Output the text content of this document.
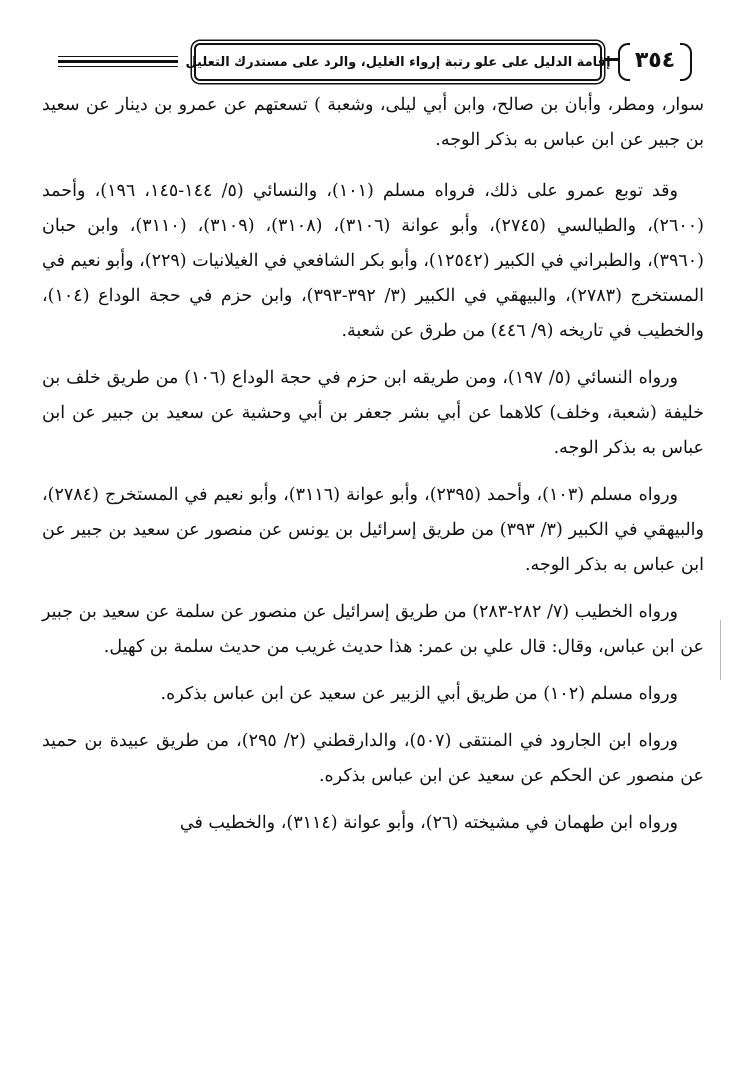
٣٥٤
إقامة الدليل على علو رتبة إرواء الغليل، والرد على مستدرك التعليل

سوار، ومطر، وأبان بن صالح، وابن أبي ليلى، وشعبة ) تسعتهم عن عمرو بن دينار عن سعيد بن جبير عن ابن عباس به بذكر الوجه.

وقد توبع عمرو على ذلك، فرواه مسلم (١٠١)، والنسائي (٥/ ١٤٤-١٤٥، ١٩٦)، وأحمد (٢٦٠٠)، والطيالسي (٢٧٤٥)، وأبو عوانة (٣١٠٦)، (٣١٠٨)، (٣١٠٩)، (٣١١٠)، وابن حبان (٣٩٦٠)، والطبراني في الكبير (١٢٥٤٢)، وأبو بكر الشافعي في الغيلانيات (٢٢٩)، وأبو نعيم في المستخرج (٢٧٨٣)، والبيهقي في الكبير (٣/ ٣٩٢-٣٩٣)، وابن حزم في حجة الوداع (١٠٤)، والخطيب في تاريخه (٩/ ٤٤٦) من طرق عن شعبة.

ورواه النسائي (٥/ ١٩٧)، ومن طريقه ابن حزم في حجة الوداع (١٠٦) من طريق خلف بن خليفة (شعبة، وخلف) كلاهما عن أبي بشر جعفر بن أبي وحشية عن سعيد بن جبير عن ابن عباس به بذكر الوجه.

ورواه مسلم (١٠٣)، وأحمد (٢٣٩٥)، وأبو عوانة (٣١١٦)، وأبو نعيم في المستخرج (٢٧٨٤)، والبيهقي في الكبير (٣/ ٣٩٣) من طريق إسرائيل بن يونس عن منصور عن سعيد بن جبير عن ابن عباس به بذكر الوجه.

ورواه الخطيب (٧/ ٢٨٢-٢٨٣) من طريق إسرائيل عن منصور عن سلمة عن سعيد بن جبير عن ابن عباس، وقال: قال علي بن عمر: هذا حديث غريب من حديث سلمة بن كهيل.

ورواه مسلم (١٠٢) من طريق أبي الزبير عن سعيد عن ابن عباس بذكره.

ورواه ابن الجارود في المنتقى (٥٠٧)، والدارقطني (٢/ ٢٩٥)، من طريق عبيدة بن حميد عن منصور عن الحكم عن سعيد عن ابن عباس بذكره.

ورواه ابن طهمان في مشيخته (٢٦)، وأبو عوانة (٣١١٤)، والخطيب في
